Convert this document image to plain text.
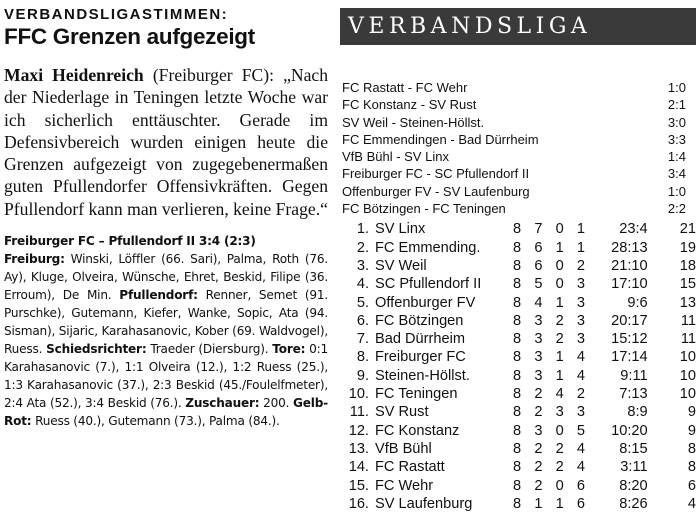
VERBANDSLIGASTIMMEN:
FFC Grenzen aufgezeigt
Maxi Heidenreich (Freiburger FC): „Nach der Niederlage in Teningen letzte Woche war ich sicherlich enttäuschter. Gerade im Defensivbereich wurden einigen heute die Grenzen aufgezeigt von zugegebenermaßen guten Pfullendorfer Offensivkräften. Gegen Pfullendorf kann man verlieren, keine Frage.“
Freiburger FC – Pfullendorf II 3:4 (2:3)
Freiburg: Winski, Löffler (66. Sari), Palma, Roth (76. Ay), Kluge, Olveira, Wünsche, Ehret, Beskid, Filipe (36. Erroum), De Min. Pfullendorf: Renner, Semet (91. Purschke), Gutemann, Kiefer, Wanke, Sopic, Ata (94. Sisman), Sijaric, Karahasanovic, Kober (69. Waldvogel), Ruess. Schiedsrichter: Traeder (Diersburg). Tore: 0:1 Karahasanovic (7.), 1:1 Olveira (12.), 1:2 Ruess (25.), 1:3 Karahasanovic (37.), 2:3 Beskid (45./Foulelfmeter), 2:4 Ata (52.), 3:4 Beskid (76.). Zuschauer: 200. Gelb-Rot: Ruess (40.), Gutemann (73.), Palma (84.).
VERBANDSLIGA
FC Rastatt - FC Wehr	1:0
FC Konstanz - SV Rust	2:1
SV Weil - Steinen-Höllst.	3:0
FC Emmendingen - Bad Dürrheim	3:3
VfB Bühl - SV Linx	1:4
Freiburger FC - SC Pfullendorf II	3:4
Offenburger FV - SV Laufenburg	1:0
FC Bötzingen - FC Teningen	2:2
1. SV Linx	8 7 0 1	23:4	21
2. FC Emmending.	8 6 1 1	28:13	19
3. SV Weil	8 6 0 2	21:10	18
4. SC Pfullendorf II	8 5 0 3	17:10	15
5. Offenburger FV	8 4 1 3	9:6	13
6. FC Bötzingen	8 3 2 3	20:17	11
7. Bad Dürrheim	8 3 2 3	15:12	11
8. Freiburger FC	8 3 1 4	17:14	10
9. Steinen-Höllst.	8 3 1 4	9:11	10
10. FC Teningen	8 2 4 2	7:13	10
11. SV Rust	8 2 3 3	8:9	9
12. FC Konstanz	8 3 0 5	10:20	9
13. VfB Bühl	8 2 2 4	8:15	8
14. FC Rastatt	8 2 2 4	3:11	8
15. FC Wehr	8 2 0 6	8:20	6
16. SV Laufenburg	8 1 1 6	8:26	4
